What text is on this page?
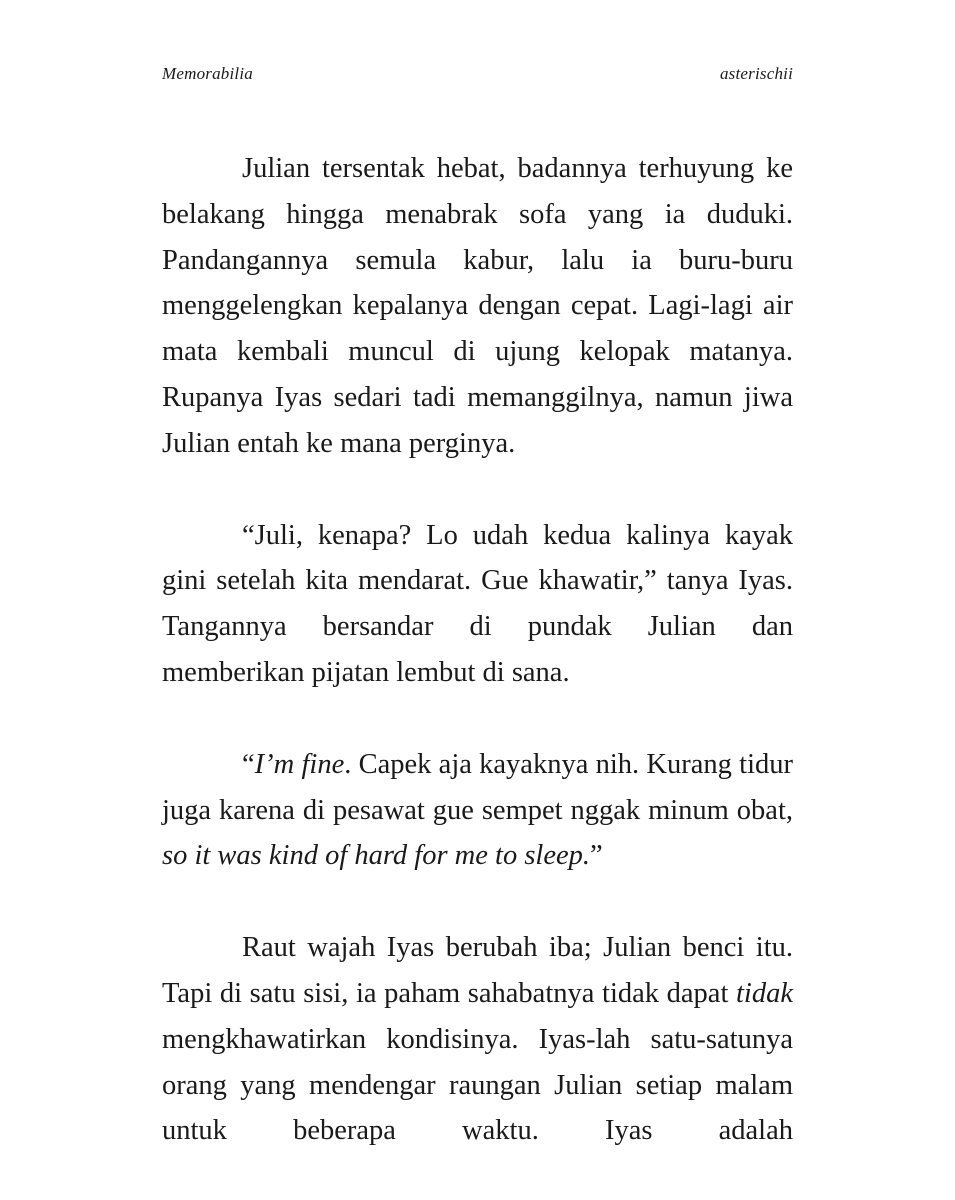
Memorabilia	asterischii

Julian tersentak hebat, badannya terhuyung ke belakang hingga menabrak sofa yang ia duduki. Pandangannya semula kabur, lalu ia buru-buru menggelengkan kepalanya dengan cepat. Lagi-lagi air mata kembali muncul di ujung kelopak matanya. Rupanya Iyas sedari tadi memanggilnya, namun jiwa Julian entah ke mana perginya.

“Juli, kenapa? Lo udah kedua kalinya kayak gini setelah kita mendarat. Gue khawatir,” tanya Iyas. Tangannya bersandar di pundak Julian dan memberikan pijatan lembut di sana.

“I’m fine. Capek aja kayaknya nih. Kurang tidur juga karena di pesawat gue sempet nggak minum obat, so it was kind of hard for me to sleep.”

Raut wajah Iyas berubah iba; Julian benci itu. Tapi di satu sisi, ia paham sahabatnya tidak dapat tidak mengkhawatirkan kondisinya. Iyas-lah satu-satunya orang yang mendengar raungan Julian setiap malam untuk beberapa waktu. Iyas adalah
